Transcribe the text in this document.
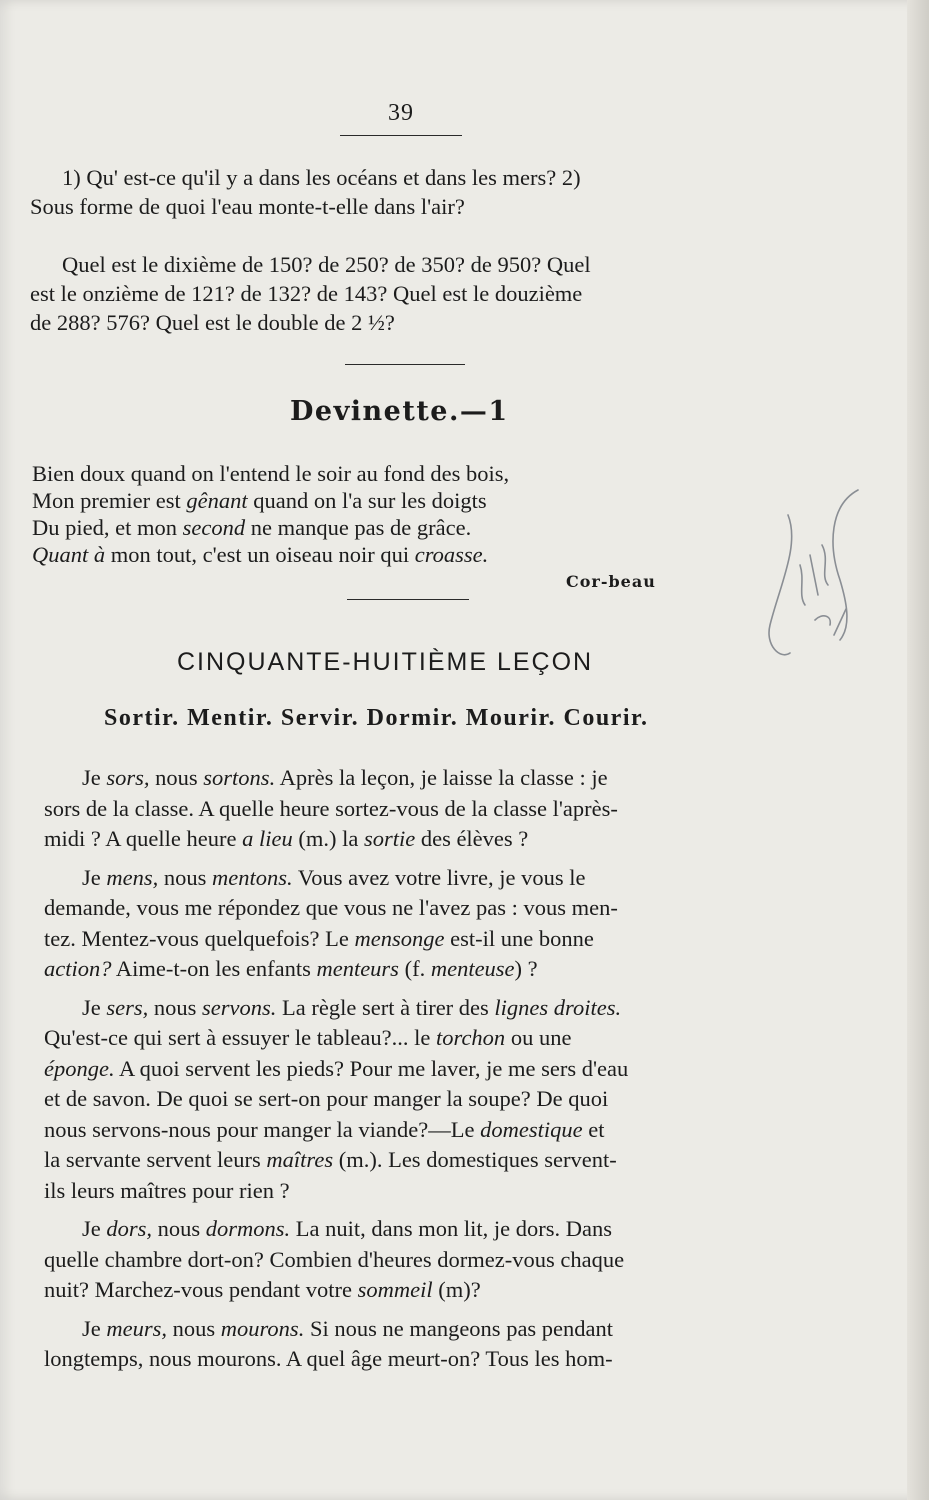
39
1) Qu' est-ce qu'il y a dans les océans et dans les mers? 2)
Sous forme de quoi l'eau monte-t-elle dans l'air?
Quel est le dixième de 150? de 250? de 350? de 950? Quel
est le onzième de 121? de 132? de 143? Quel est le douzième
de 288? 576? Quel est le double de 2 ½?
Devinette.—1
Bien doux quand on l'entend le soir au fond des bois,
Mon premier est gênant quand on l'a sur les doigts
Du pied, et mon second ne manque pas de grâce.
Quant à mon tout, c'est un oiseau noir qui croasse.
Cor-beau
CINQUANTE-HUITIÈME LEÇON
Sortir. Mentir. Servir. Dormir. Mourir. Courir.
Je sors, nous sortons. Après la leçon, je laisse la classe : je
sors de la classe. A quelle heure sortez-vous de la classe l'après-
midi ? A quelle heure a lieu (m.) la sortie des élèves ?
Je mens, nous mentons. Vous avez votre livre, je vous le
demande, vous me répondez que vous ne l'avez pas : vous men-
tez. Mentez-vous quelquefois? Le mensonge est-il une bonne
action? Aime-t-on les enfants menteurs (f. menteuse) ?
Je sers, nous servons. La règle sert à tirer des lignes droites.
Qu'est-ce qui sert à essuyer le tableau?... le torchon ou une
éponge. A quoi servent les pieds? Pour me laver, je me sers d'eau
et de savon. De quoi se sert-on pour manger la soupe? De quoi
nous servons-nous pour manger la viande?—Le domestique et
la servante servent leurs maîtres (m.). Les domestiques servent-
ils leurs maîtres pour rien ?
Je dors, nous dormons. La nuit, dans mon lit, je dors. Dans
quelle chambre dort-on? Combien d'heures dormez-vous chaque
nuit? Marchez-vous pendant votre sommeil (m)?
Je meurs, nous mourons. Si nous ne mangeons pas pendant
longtemps, nous mourons. A quel âge meurt-on? Tous les hom-
